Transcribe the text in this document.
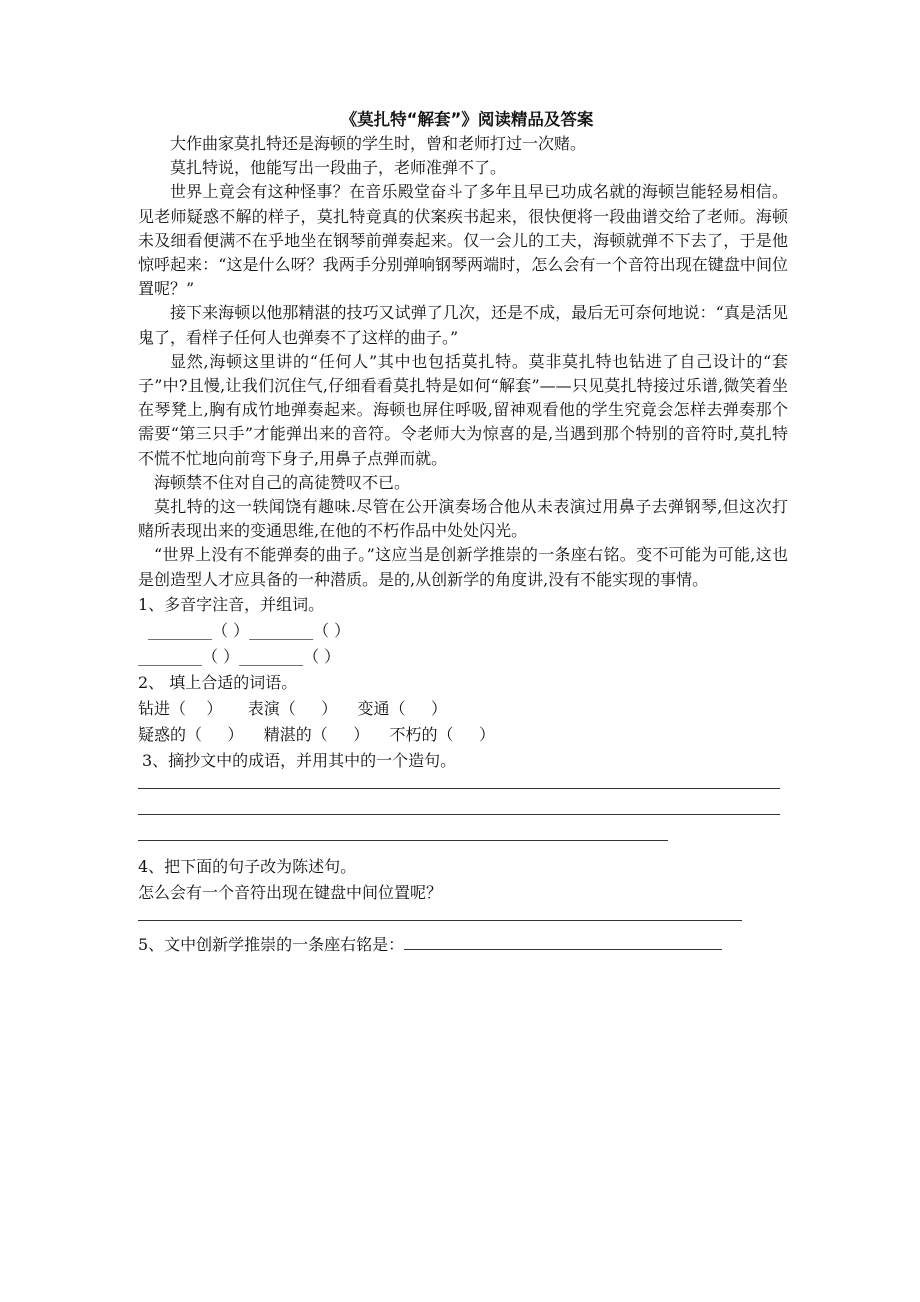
《莫扎特“解套”》阅读精品及答案

大作曲家莫扎特还是海顿的学生时，曾和老师打过一次赌。

莫扎特说，他能写出一段曲子，老师准弹不了。

世界上竟会有这种怪事？在音乐殿堂奋斗了多年且早已功成名就的海顿岂能轻易相信。见老师疑惑不解的样子，莫扎特竟真的伏案疾书起来，很快便将一段曲谱交给了老师。海顿未及细看便满不在乎地坐在钢琴前弹奏起来。仅一会儿的工夫，海顿就弹不下去了，于是他惊呼起来：“这是什么呀？我两手分别弹响钢琴两端时，怎么会有一个音符出现在键盘中间位置呢？”

接下来海顿以他那精湛的技巧又试弹了几次，还是不成，最后无可奈何地说：“真是活见鬼了，看样子任何人也弹奏不了这样的曲子。”

显然,海顿这里讲的“任何人”其中也包括莫扎特。莫非莫扎特也钻进了自己设计的“套子”中?且慢,让我们沉住气,仔细看看莫扎特是如何“解套”——只见莫扎特接过乐谱,微笑着坐在琴凳上,胸有成竹地弹奏起来。海顿也屏住呼吸,留神观看他的学生究竟会怎样去弹奏那个需要“第三只手”才能弹出来的音符。令老师大为惊喜的是,当遇到那个特别的音符时,莫扎特不慌不忙地向前弯下身子,用鼻子点弹而就。

海顿禁不住对自己的高徒赞叹不已。

莫扎特的这一轶闻饶有趣味.尽管在公开演奏场合他从未表演过用鼻子去弹钢琴,但这次打赌所表现出来的变通思维,在他的不朽作品中处处闪光。

“世界上没有不能弹奏的曲子。”这应当是创新学推崇的一条座右铭。变不可能为可能,这也是创造型人才应具备的一种潜质。是的,从创新学的角度讲,没有不能实现的事情。

1、多音字注音，并组词。

________（ ）________（ ）

________（ ）________（ ）

2、 填上合适的词语。

钻进（    ）     表演（     ）    变通（     ）

疑惑的（     ）    精湛的（     ）    不朽的（     ）

3、摘抄文中的成语，并用其中的一个造句。

4、把下面的句子改为陈述句。

怎么会有一个音符出现在键盘中间位置呢？

5、文中创新学推崇的一条座右铭是：
